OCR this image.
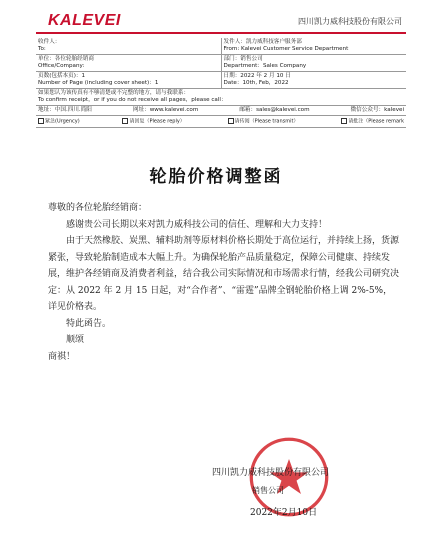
KALEVEI	四川凯力威科技股份有限公司
收件人：
To:
发件人：凯力威科技客户服务部
From: Kalevei Customer Service Department
单位：各位轮胎经销商
Office/Company:
部门：销售公司
Department：Sales Company
页数(包括本页)：1
Number of Page (including cover sheet)：1
日期：2022 年 2 月 10 日
Date：10th, Feb，2022
如果您认为该传真有不够清楚或不完整的地方，请与我联系：
To confirm receipt，or if you do not receive all pages，please call：
地址：中国.四川.简阳	网址：www.kalevei.com	邮箱：sales@kalevei.com	微信公众号：kalevei
紧急(Urgency)	请回复（Please reply）	请传阅（Please transmit）	请批注（Please remark
轮胎价格调整函

尊敬的各位轮胎经销商：

感谢贵公司长期以来对凯力威科技公司的信任、理解和大力支持！

由于天然橡胶、炭黑、辅料助剂等原材料价格长期处于高位运行，并持续上扬，货源紧张，导致轮胎制造成本大幅上升。为确保轮胎产品质量稳定，保障公司健康、持续发展，维护各经销商及消费者利益，结合我公司实际情况和市场需求行情，经我公司研究决定：从 2022 年 2 月 15 日起，对“合作者”、“雷霆”品牌全钢轮胎价格上调 2%-5%，详见价格表。

特此函告。

顺颂

商祺！

四川凯力威科技股份有限公司
销售公司
2022年2月10日
